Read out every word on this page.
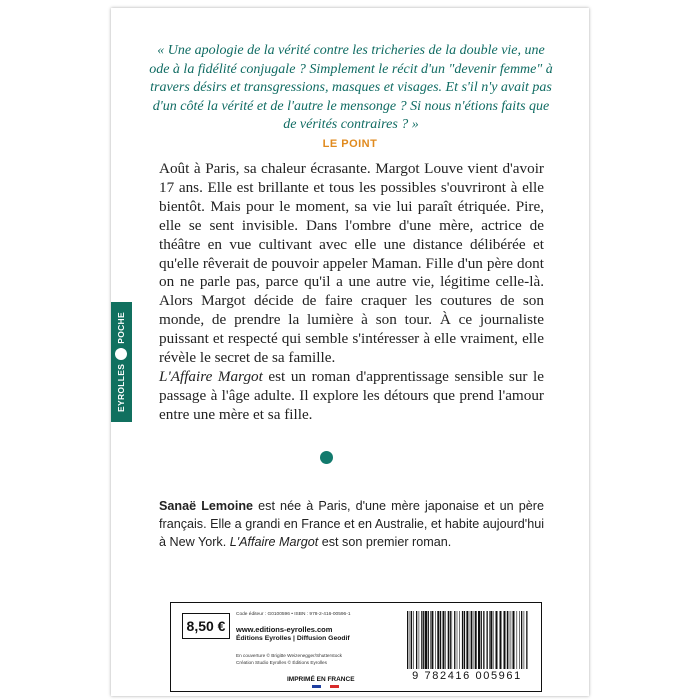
« Une apologie de la vérité contre les tricheries de la double vie, une ode à la fidélité conjugale ? Simplement le récit d'un "devenir femme" à travers désirs et transgressions, masques et visages. Et s'il n'y avait pas d'un côté la vérité et de l'autre le mensonge ? Si nous n'étions faits que de vérités contraires ? »
LE POINT

Août à Paris, sa chaleur écrasante. Margot Louve vient d'avoir 17 ans. Elle est brillante et tous les possibles s'ouvriront à elle bientôt. Mais pour le moment, sa vie lui paraît étriquée. Pire, elle se sent invisible. Dans l'ombre d'une mère, actrice de théâtre en vue cultivant avec elle une distance délibérée et qu'elle rêverait de pouvoir appeler Maman. Fille d'un père dont on ne parle pas, parce qu'il a une autre vie, légitime celle-là. Alors Margot décide de faire craquer les coutures de son monde, de prendre la lumière à son tour. À ce journaliste puissant et respecté qui semble s'intéresser à elle vraiment, elle révèle le secret de sa famille.

L'Affaire Margot est un roman d'apprentissage sensible sur le passage à l'âge adulte. Il explore les détours que prend l'amour entre une mère et sa fille.

Sanaë Lemoine est née à Paris, d'une mère japonaise et un père français. Elle a grandi en France et en Australie, et habite aujourd'hui à New York. L'Affaire Margot est son premier roman.
EYROLLES
POCHE
8,50 €
Code éditeur : G0100596 • ISBN : 978-2-416-00596-1
www.editions-eyrolles.com
Éditions Eyrolles | Diffusion Geodif
En couverture © Brigitte Weizenegger/Shutterstock
Création Studio Eyrolles © Éditions Eyrolles
IMPRIMÉ EN FRANCE	9 782416 005961
